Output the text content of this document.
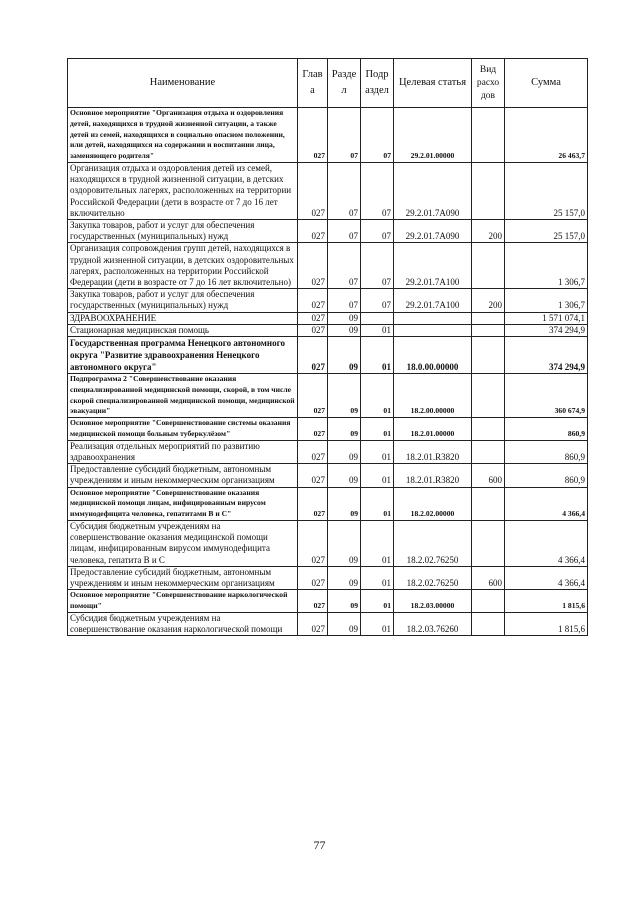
Наименование	Глав а	Разде л	Подр аздел	Целевая статья	Вид расхо дов	Сумма
Основное мероприятие "Организация отдыха и оздоровления детей, находящихся в трудной жизненной ситуации, а также детей из семей, находящихся в социально опасном положении, или детей, находящихся на содержании и воспитании лица, заменяющего родителя"	027	07	07	29.2.01.00000		26 463,7
Организация отдыха и оздоровления детей из семей, находящихся в трудной жизненной ситуации, в детских оздоровительных лагерях, расположенных на территории Российской Федерации (дети в возрасте от 7 до 16 лет включительно	027	07	07	29.2.01.7А090		25 157,0
Закупка товаров, работ и услуг для обеспечения государственных (муниципальных) нужд	027	07	07	29.2.01.7А090	200	25 157,0
Организация сопровождения групп детей, находящихся в трудной жизненной ситуации, в детских оздоровительных лагерях, расположенных на территории Российской Федерации (дети в возрасте от 7 до 16 лет включительно)	027	07	07	29.2.01.7А100		1 306,7
Закупка товаров, работ и услуг для обеспечения государственных (муниципальных) нужд	027	07	07	29.2.01.7А100	200	1 306,7
ЗДРАВООХРАНЕНИЕ	027	09				1 571 074,1
Стационарная медицинская помощь	027	09	01			374 294,9
Государственная программа Ненецкого автономного округа "Развитие здравоохранения Ненецкого автономного округа"	027	09	01	18.0.00.00000		374 294,9
Подпрограмма 2 "Совершенствование оказания специализированной медицинской помощи, скорой, в том числе скорой специализированной медицинской помощи, медицинской эвакуации"	027	09	01	18.2.00.00000		360 674,9
Основное мероприятие "Совершенствование системы оказания медицинской помощи больным туберкулёзом"	027	09	01	18.2.01.00000		860,9
Реализация отдельных мероприятий по развитию здравоохранения	027	09	01	18.2.01.R3820		860,9
Предоставление субсидий бюджетным, автономным учреждениям и иным некоммерческим организациям	027	09	01	18.2.01.R3820	600	860,9
Основное мероприятие "Совершенствование оказания медицинской помощи лицам, инфицированным вирусом иммунодефицита человека, гепатитами В и С"	027	09	01	18.2.02.00000		4 366,4
Субсидия бюджетным учреждениям на совершенствование оказания медицинской помощи лицам, инфицированным вирусом иммунодефицита человека, гепатита В и С	027	09	01	18.2.02.76250		4 366,4
Предоставление субсидий бюджетным, автономным учреждениям и иным некоммерческим организациям	027	09	01	18.2.02.76250	600	4 366,4
Основное мероприятие "Совершенствование наркологической помощи"	027	09	01	18.2.03.00000		1 815,6
Субсидия бюджетным учреждениям на совершенствование оказания наркологической помощи	027	09	01	18.2.03.76260		1 815,6
77
